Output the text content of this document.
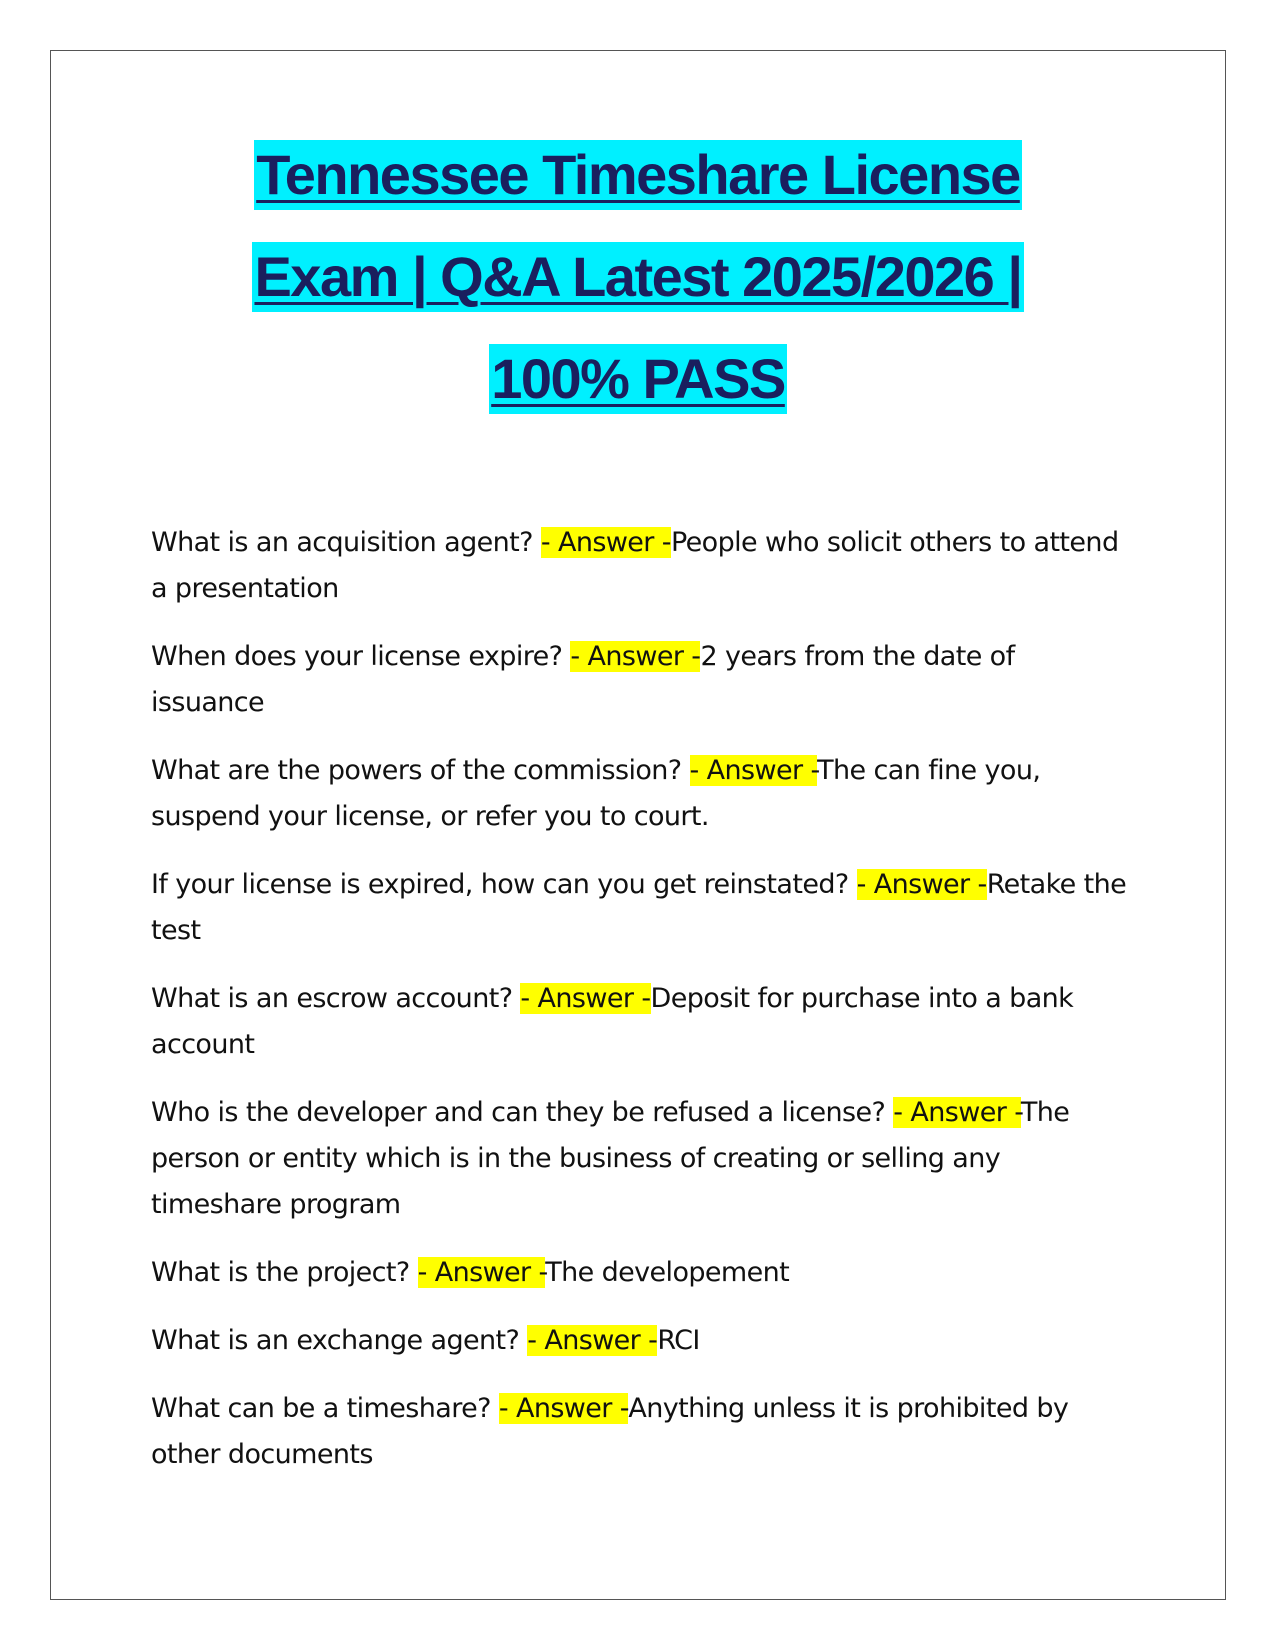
Tennessee Timeshare License
Exam | Q&A Latest 2025/2026 |
100% PASS

What is an acquisition agent? - Answer -People who solicit others to attend a presentation

When does your license expire? - Answer -2 years from the date of issuance

What are the powers of the commission? - Answer -The can fine you, suspend your license, or refer you to court.

If your license is expired, how can you get reinstated? - Answer -Retake the test

What is an escrow account? - Answer -Deposit for purchase into a bank account

Who is the developer and can they be refused a license? - Answer -The person or entity which is in the business of creating or selling any timeshare program

What is the project? - Answer -The developement

What is an exchange agent? - Answer -RCI

What can be a timeshare? - Answer -Anything unless it is prohibited by other documents
